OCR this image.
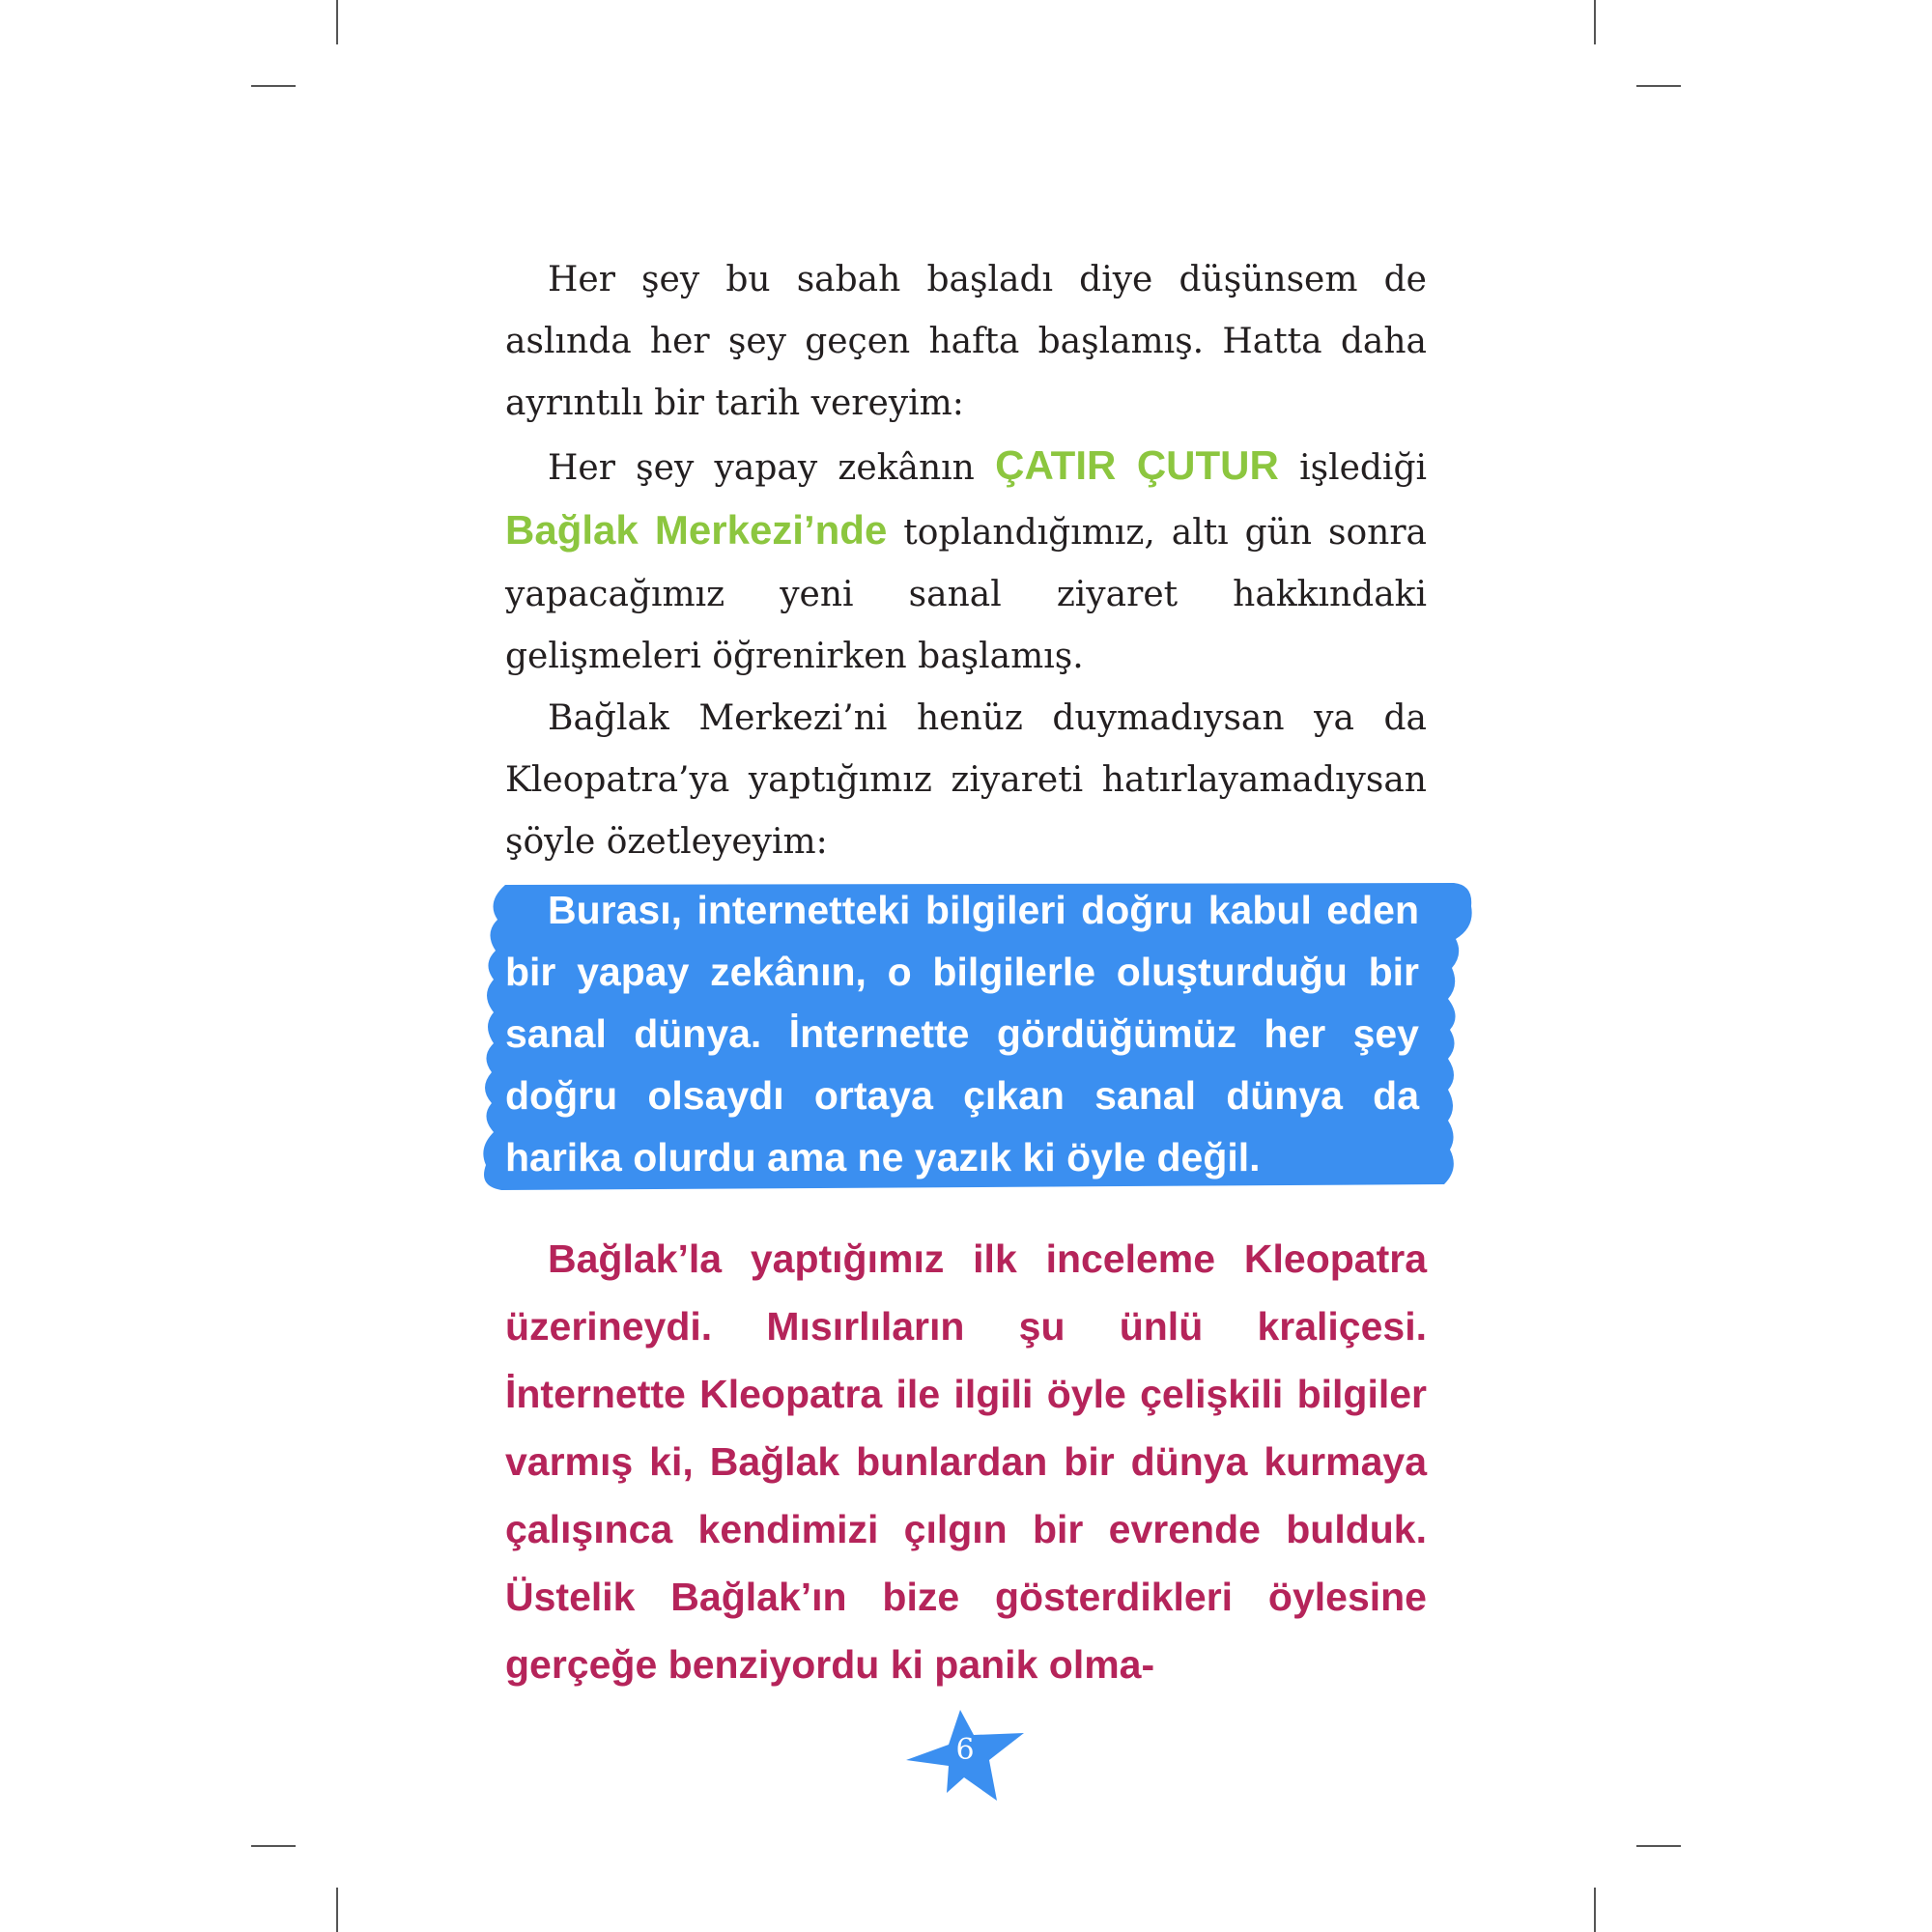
Her şey bu sabah başladı diye düşünsem de aslında her şey geçen hafta başlamış. Hatta daha ayrıntılı bir tarih vereyim:

Her şey yapay zekânın ÇATIR ÇUTUR işlediği Bağlak Merkezi’nde toplandığımız, altı gün sonra yapacağımız yeni sanal ziyaret hakkındaki gelişmeleri öğrenirken başlamış.

Bağlak Merkezi’ni henüz duymadıysan ya da Kleopatra’ya yaptığımız ziyareti hatırlayamadıysan şöyle özetleyeyim:

Burası, internetteki bilgileri doğru kabul eden bir yapay zekânın, o bilgilerle oluşturduğu bir sanal dünya. İnternette gördüğümüz her şey doğru olsaydı ortaya çıkan sanal dünya da harika olurdu ama ne yazık ki öyle değil.

Bağlak’la yaptığımız ilk inceleme Kleopatra üzerineydi. Mısırlıların şu ünlü kraliçesi. İnternette Kleopatra ile ilgili öyle çelişkili bilgiler varmış ki, Bağlak bunlardan bir dünya kurmaya çalışınca kendimizi çılgın bir evrende bulduk. Üstelik Bağlak’ın bize gösterdikleri öylesine gerçeğe benziyordu ki panik olma-

6
